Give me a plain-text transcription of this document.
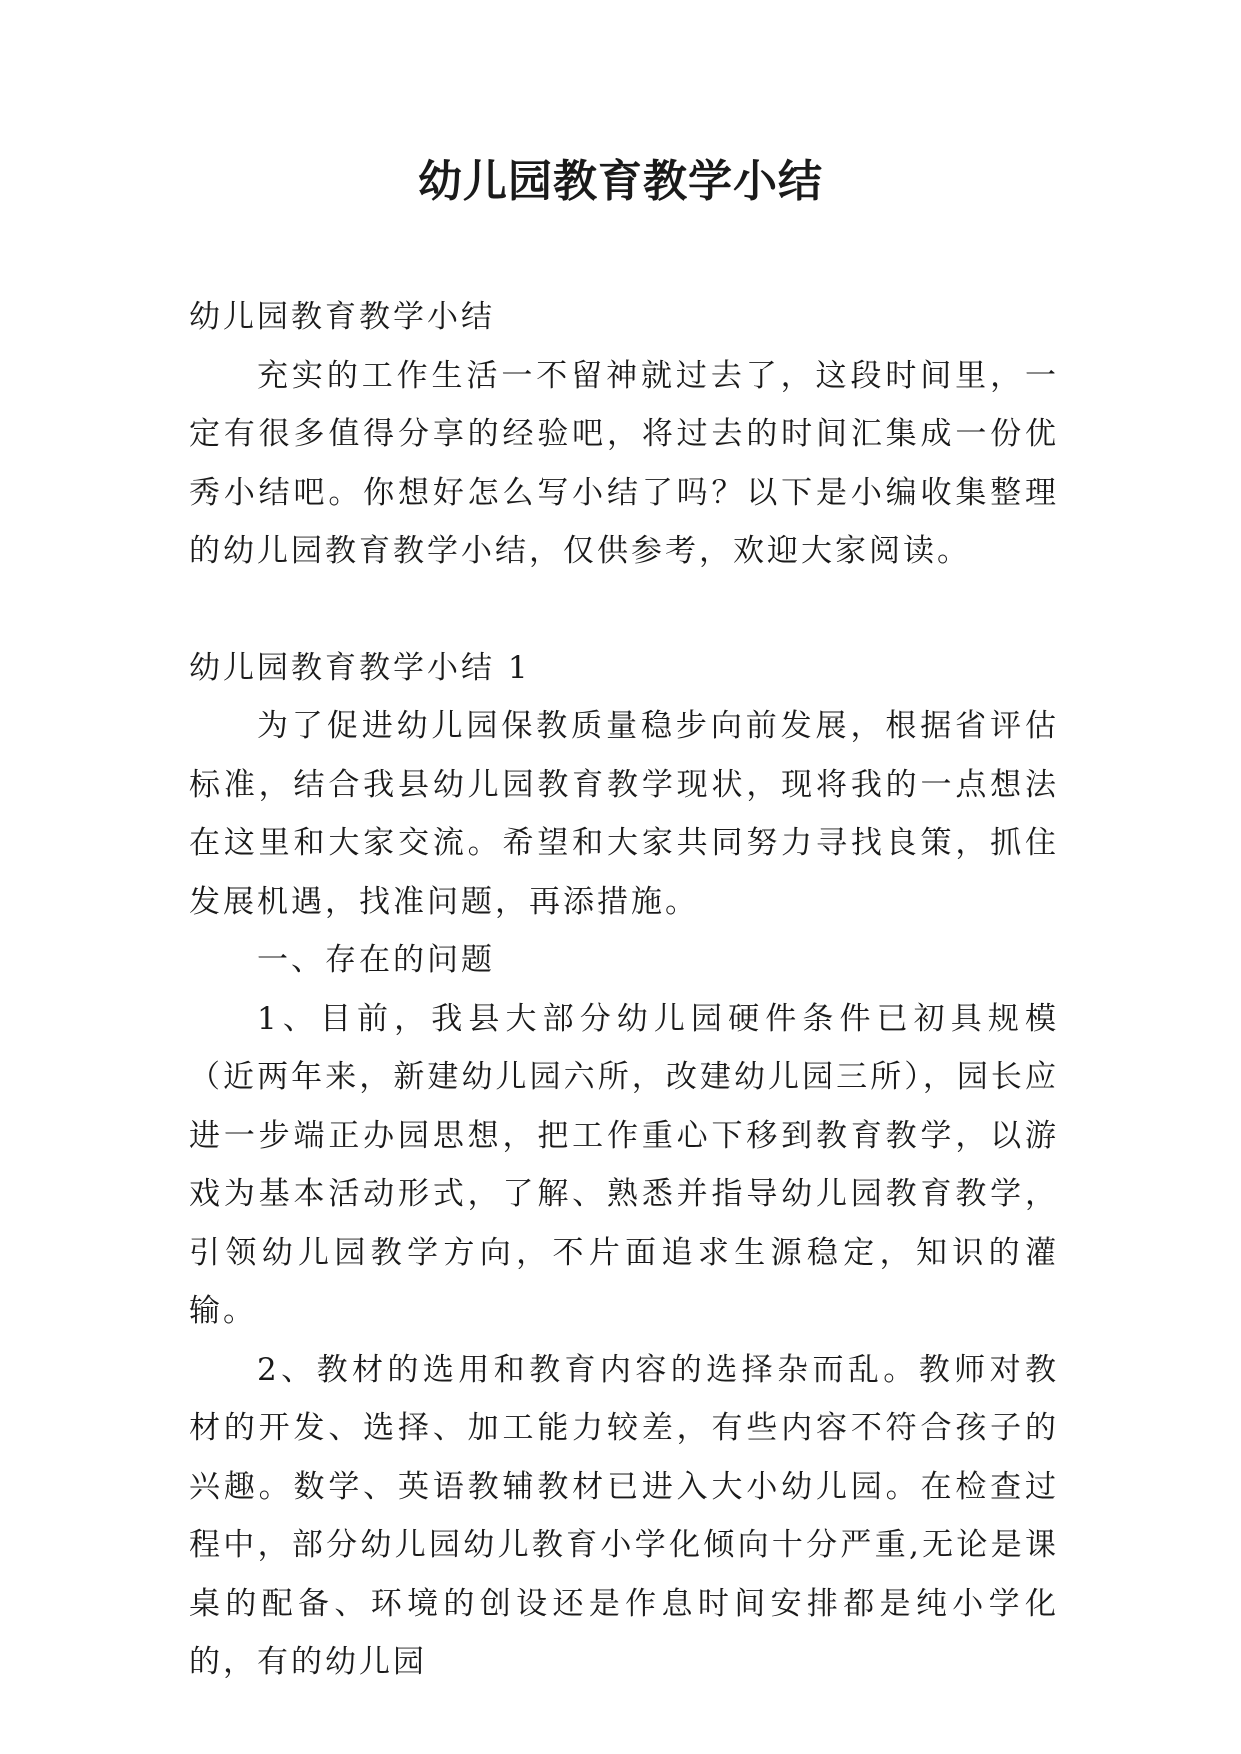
幼儿园教育教学小结

幼儿园教育教学小结

充实的工作生活一不留神就过去了，这段时间里，一定有很多值得分享的经验吧，将过去的时间汇集成一份优秀小结吧。你想好怎么写小结了吗？以下是小编收集整理的幼儿园教育教学小结，仅供参考，欢迎大家阅读。

幼儿园教育教学小结 1

为了促进幼儿园保教质量稳步向前发展，根据省评估标准，结合我县幼儿园教育教学现状，现将我的一点想法在这里和大家交流。希望和大家共同努力寻找良策，抓住发展机遇，找准问题，再添措施。

一、存在的问题

1、目前，我县大部分幼儿园硬件条件已初具规模（近两年来，新建幼儿园六所，改建幼儿园三所），园长应进一步端正办园思想，把工作重心下移到教育教学，以游戏为基本活动形式，了解、熟悉并指导幼儿园教育教学，引领幼儿园教学方向，不片面追求生源稳定，知识的灌输。

2、教材的选用和教育内容的选择杂而乱。教师对教材的开发、选择、加工能力较差，有些内容不符合孩子的兴趣。数学、英语教辅教材已进入大小幼儿园。在检查过程中，部分幼儿园幼儿教育小学化倾向十分严重,无论是课桌的配备、环境的创设还是作息时间安排都是纯小学化的，有的幼儿园
